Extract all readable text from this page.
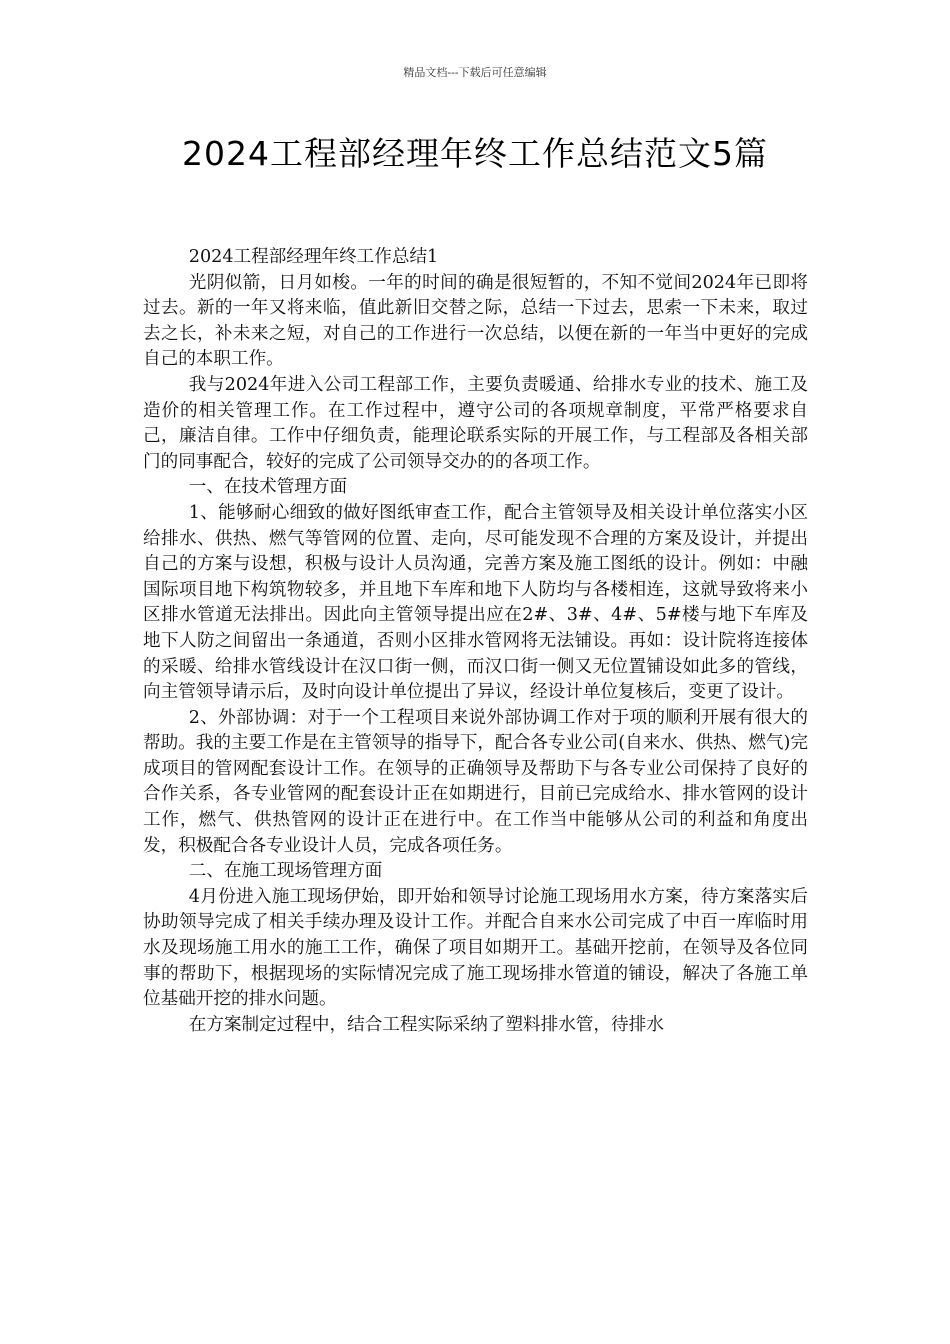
精品文档---下载后可任意编辑
2024工程部经理年终工作总结范文5篇

2024工程部经理年终工作总结1

光阴似箭，日月如梭。一年的时间的确是很短暂的，不知不觉间2024年已即将过去。新的一年又将来临，值此新旧交替之际，总结一下过去，思索一下未来，取过去之长，补未来之短，对自己的工作进行一次总结，以便在新的一年当中更好的完成自己的本职工作。

我与2024年进入公司工程部工作，主要负责暖通、给排水专业的技术、施工及造价的相关管理工作。在工作过程中，遵守公司的各项规章制度，平常严格要求自己，廉洁自律。工作中仔细负责，能理论联系实际的开展工作，与工程部及各相关部门的同事配合，较好的完成了公司领导交办的的各项工作。

一、在技术管理方面

1、能够耐心细致的做好图纸审查工作，配合主管领导及相关设计单位落实小区给排水、供热、燃气等管网的位置、走向，尽可能发现不合理的方案及设计，并提出自己的方案与设想，积极与设计人员沟通，完善方案及施工图纸的设计。例如：中融国际项目地下构筑物较多，并且地下车库和地下人防均与各楼相连，这就导致将来小区排水管道无法排出。因此向主管领导提出应在2#、3#、4#、5#楼与地下车库及地下人防之间留出一条通道，否则小区排水管网将无法铺设。再如：设计院将连接体的采暖、给排水管线设计在汉口街一侧，而汉口街一侧又无位置铺设如此多的管线，向主管领导请示后，及时向设计单位提出了异议，经设计单位复核后，变更了设计。

2、外部协调：对于一个工程项目来说外部协调工作对于项的顺利开展有很大的帮助。我的主要工作是在主管领导的指导下，配合各专业公司(自来水、供热、燃气)完成项目的管网配套设计工作。在领导的正确领导及帮助下与各专业公司保持了良好的合作关系，各专业管网的配套设计正在如期进行，目前已完成给水、排水管网的设计工作，燃气、供热管网的设计正在进行中。在工作当中能够从公司的利益和角度出发，积极配合各专业设计人员，完成各项任务。

二、在施工现场管理方面

4月份进入施工现场伊始，即开始和领导讨论施工现场用水方案，待方案落实后协助领导完成了相关手续办理及设计工作。并配合自来水公司完成了中百一库临时用水及现场施工用水的施工工作，确保了项目如期开工。基础开挖前，在领导及各位同事的帮助下，根据现场的实际情况完成了施工现场排水管道的铺设，解决了各施工单位基础开挖的排水问题。

在方案制定过程中，结合工程实际采纳了塑料排水管，待排水
